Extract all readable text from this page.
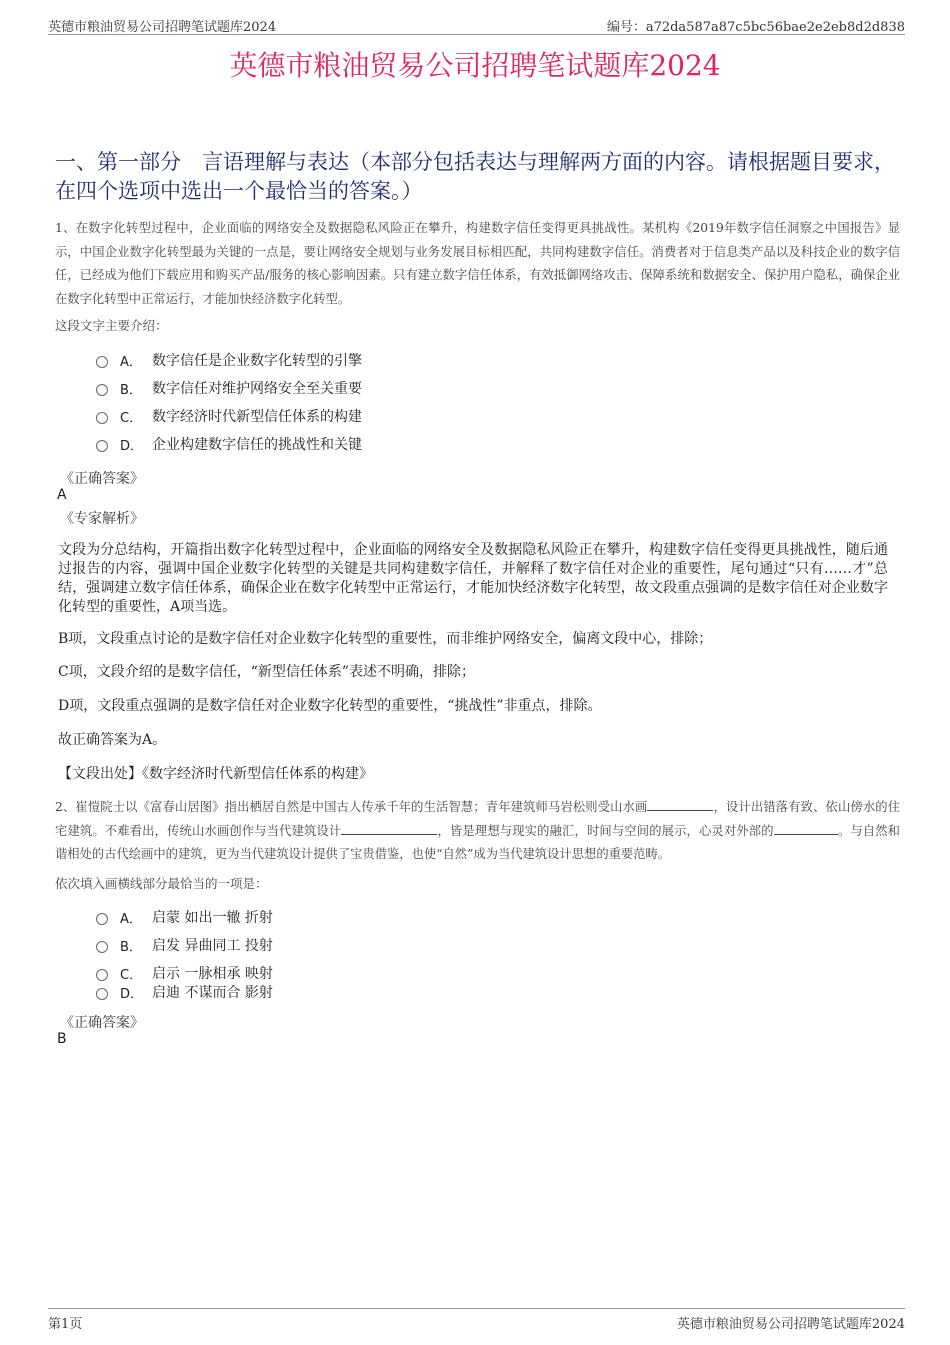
英德市粮油贸易公司招聘笔试题库2024	编号：a72da587a87c5bc56bae2e2eb8d2d838
英德市粮油贸易公司招聘笔试题库2024
一、第一部分　言语理解与表达（本部分包括表达与理解两方面的内容。请根据题目要求，在四个选项中选出一个最恰当的答案。）
1、在数字化转型过程中，企业面临的网络安全及数据隐私风险正在攀升，构建数字信任变得更具挑战性。某机构《2019年数字信任洞察之中国报告》显示，中国企业数字化转型最为关键的一点是，要让网络安全规划与业务发展目标相匹配，共同构建数字信任。消费者对于信息类产品以及科技企业的数字信任，已经成为他们下载应用和购买产品/服务的核心影响因素。只有建立数字信任体系，有效抵御网络攻击、保障系统和数据安全、保护用户隐私，确保企业在数字化转型中正常运行，才能加快经济数字化转型。
这段文字主要介绍：
A． 数字信任是企业数字化转型的引擎
B． 数字信任对维护网络安全至关重要
C． 数字经济时代新型信任体系的构建
D． 企业构建数字信任的挑战性和关键
《正确答案》
A
《专家解析》
文段为分总结构，开篇指出数字化转型过程中，企业面临的网络安全及数据隐私风险正在攀升，构建数字信任变得更具挑战性，随后通过报告的内容，强调中国企业数字化转型的关键是共同构建数字信任，并解释了数字信任对企业的重要性，尾句通过“只有……才”总结，强调建立数字信任体系，确保企业在数字化转型中正常运行，才能加快经济数字化转型，故文段重点强调的是数字信任对企业数字化转型的重要性，A项当选。
B项，文段重点讨论的是数字信任对企业数字化转型的重要性，而非维护网络安全，偏离文段中心，排除；
C项，文段介绍的是数字信任，“新型信任体系”表述不明确，排除；
D项，文段重点强调的是数字信任对企业数字化转型的重要性，“挑战性”非重点，排除。
故正确答案为A。
【文段出处】《数字经济时代新型信任体系的构建》
2、崔愷院士以《富春山居图》指出栖居自然是中国古人传承千年的生活智慧；青年建筑师马岩松则受山水画	，设计出错落有致、依山傍水的住宅建筑。不难看出，传统山水画创作与当代建筑设计	，皆是理想与现实的融汇，时间与空间的展示，心灵对外部的	。与自然和谐相处的古代绘画中的建筑，更为当代建筑设计提供了宝贵借鉴，也使“自然”成为当代建筑设计思想的重要范畴。
依次填入画横线部分最恰当的一项是：
A． 启蒙 如出一辙 折射
B． 启发 异曲同工 投射
C． 启示 一脉相承 映射
D． 启迪 不谋而合 影射
《正确答案》
B
第1页	英德市粮油贸易公司招聘笔试题库2024
